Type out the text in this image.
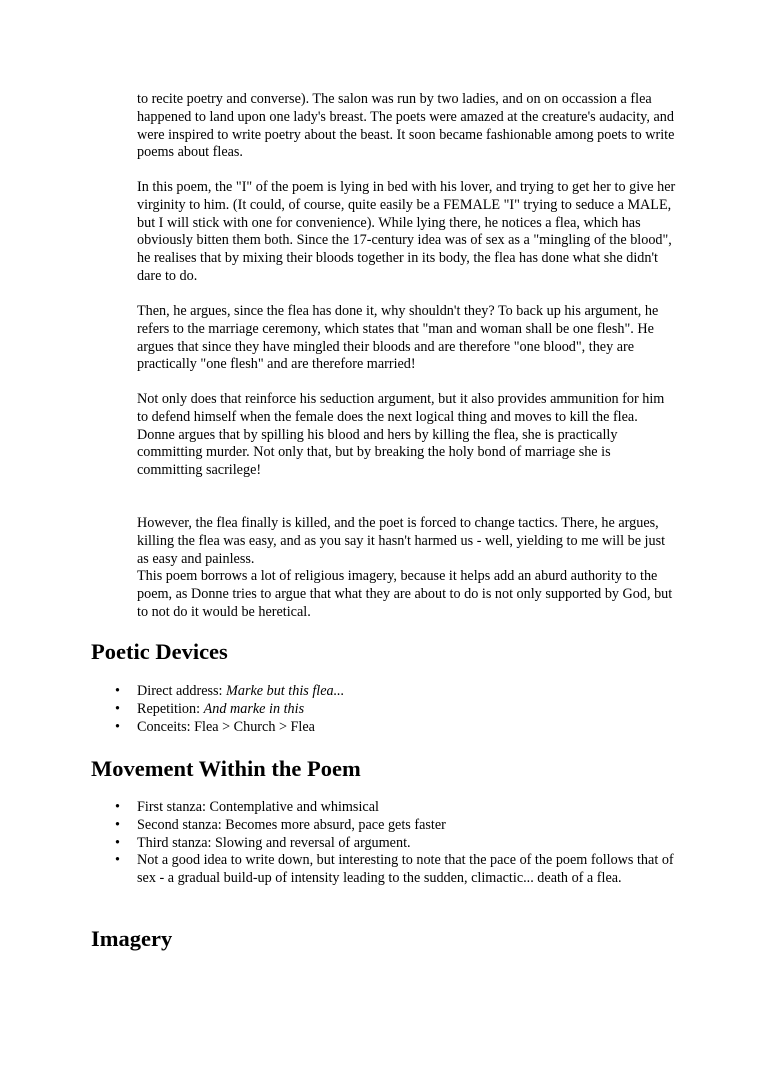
to recite poetry and converse). The salon was run by two ladies, and on on occassion a flea happened to land upon one lady's breast. The poets were amazed at the creature's audacity, and were inspired to write poetry about the beast. It soon became fashionable among poets to write poems about fleas.

In this poem, the "I" of the poem is lying in bed with his lover, and trying to get her to give her virginity to him. (It could, of course, quite easily be a FEMALE "I" trying to seduce a MALE, but I will stick with one for convenience). While lying there, he notices a flea, which has obviously bitten them both. Since the 17-century idea was of sex as a "mingling of the blood", he realises that by mixing their bloods together in its body, the flea has done what she didn't dare to do.

Then, he argues, since the flea has done it, why shouldn't they? To back up his argument, he refers to the marriage ceremony, which states that "man and woman shall be one flesh". He argues that since they have mingled their bloods and are therefore "one blood", they are practically "one flesh" and are therefore married!

Not only does that reinforce his seduction argument, but it also provides ammunition for him to defend himself when the female does the next logical thing and moves to kill the flea. Donne argues that by spilling his blood and hers by killing the flea, she is practically committing murder. Not only that, but by breaking the holy bond of marriage she is committing sacrilege!

However, the flea finally is killed, and the poet is forced to change tactics. There, he argues, killing the flea was easy, and as you say it hasn't harmed us - well, yielding to me will be just as easy and painless.

This poem borrows a lot of religious imagery, because it helps add an aburd authority to the poem, as Donne tries to argue that what they are about to do is not only supported by God, but to not do it would be heretical.

Poetic Devices
• Direct address: Marke but this flea...
• Repetition: And marke in this
• Conceits: Flea > Church > Flea
Movement Within the Poem
• First stanza: Contemplative and whimsical
• Second stanza: Becomes more absurd, pace gets faster
• Third stanza: Slowing and reversal of argument.
• Not a good idea to write down, but interesting to note that the pace of the poem follows that of sex - a gradual build-up of intensity leading to the sudden, climactic... death of a flea.
Imagery
